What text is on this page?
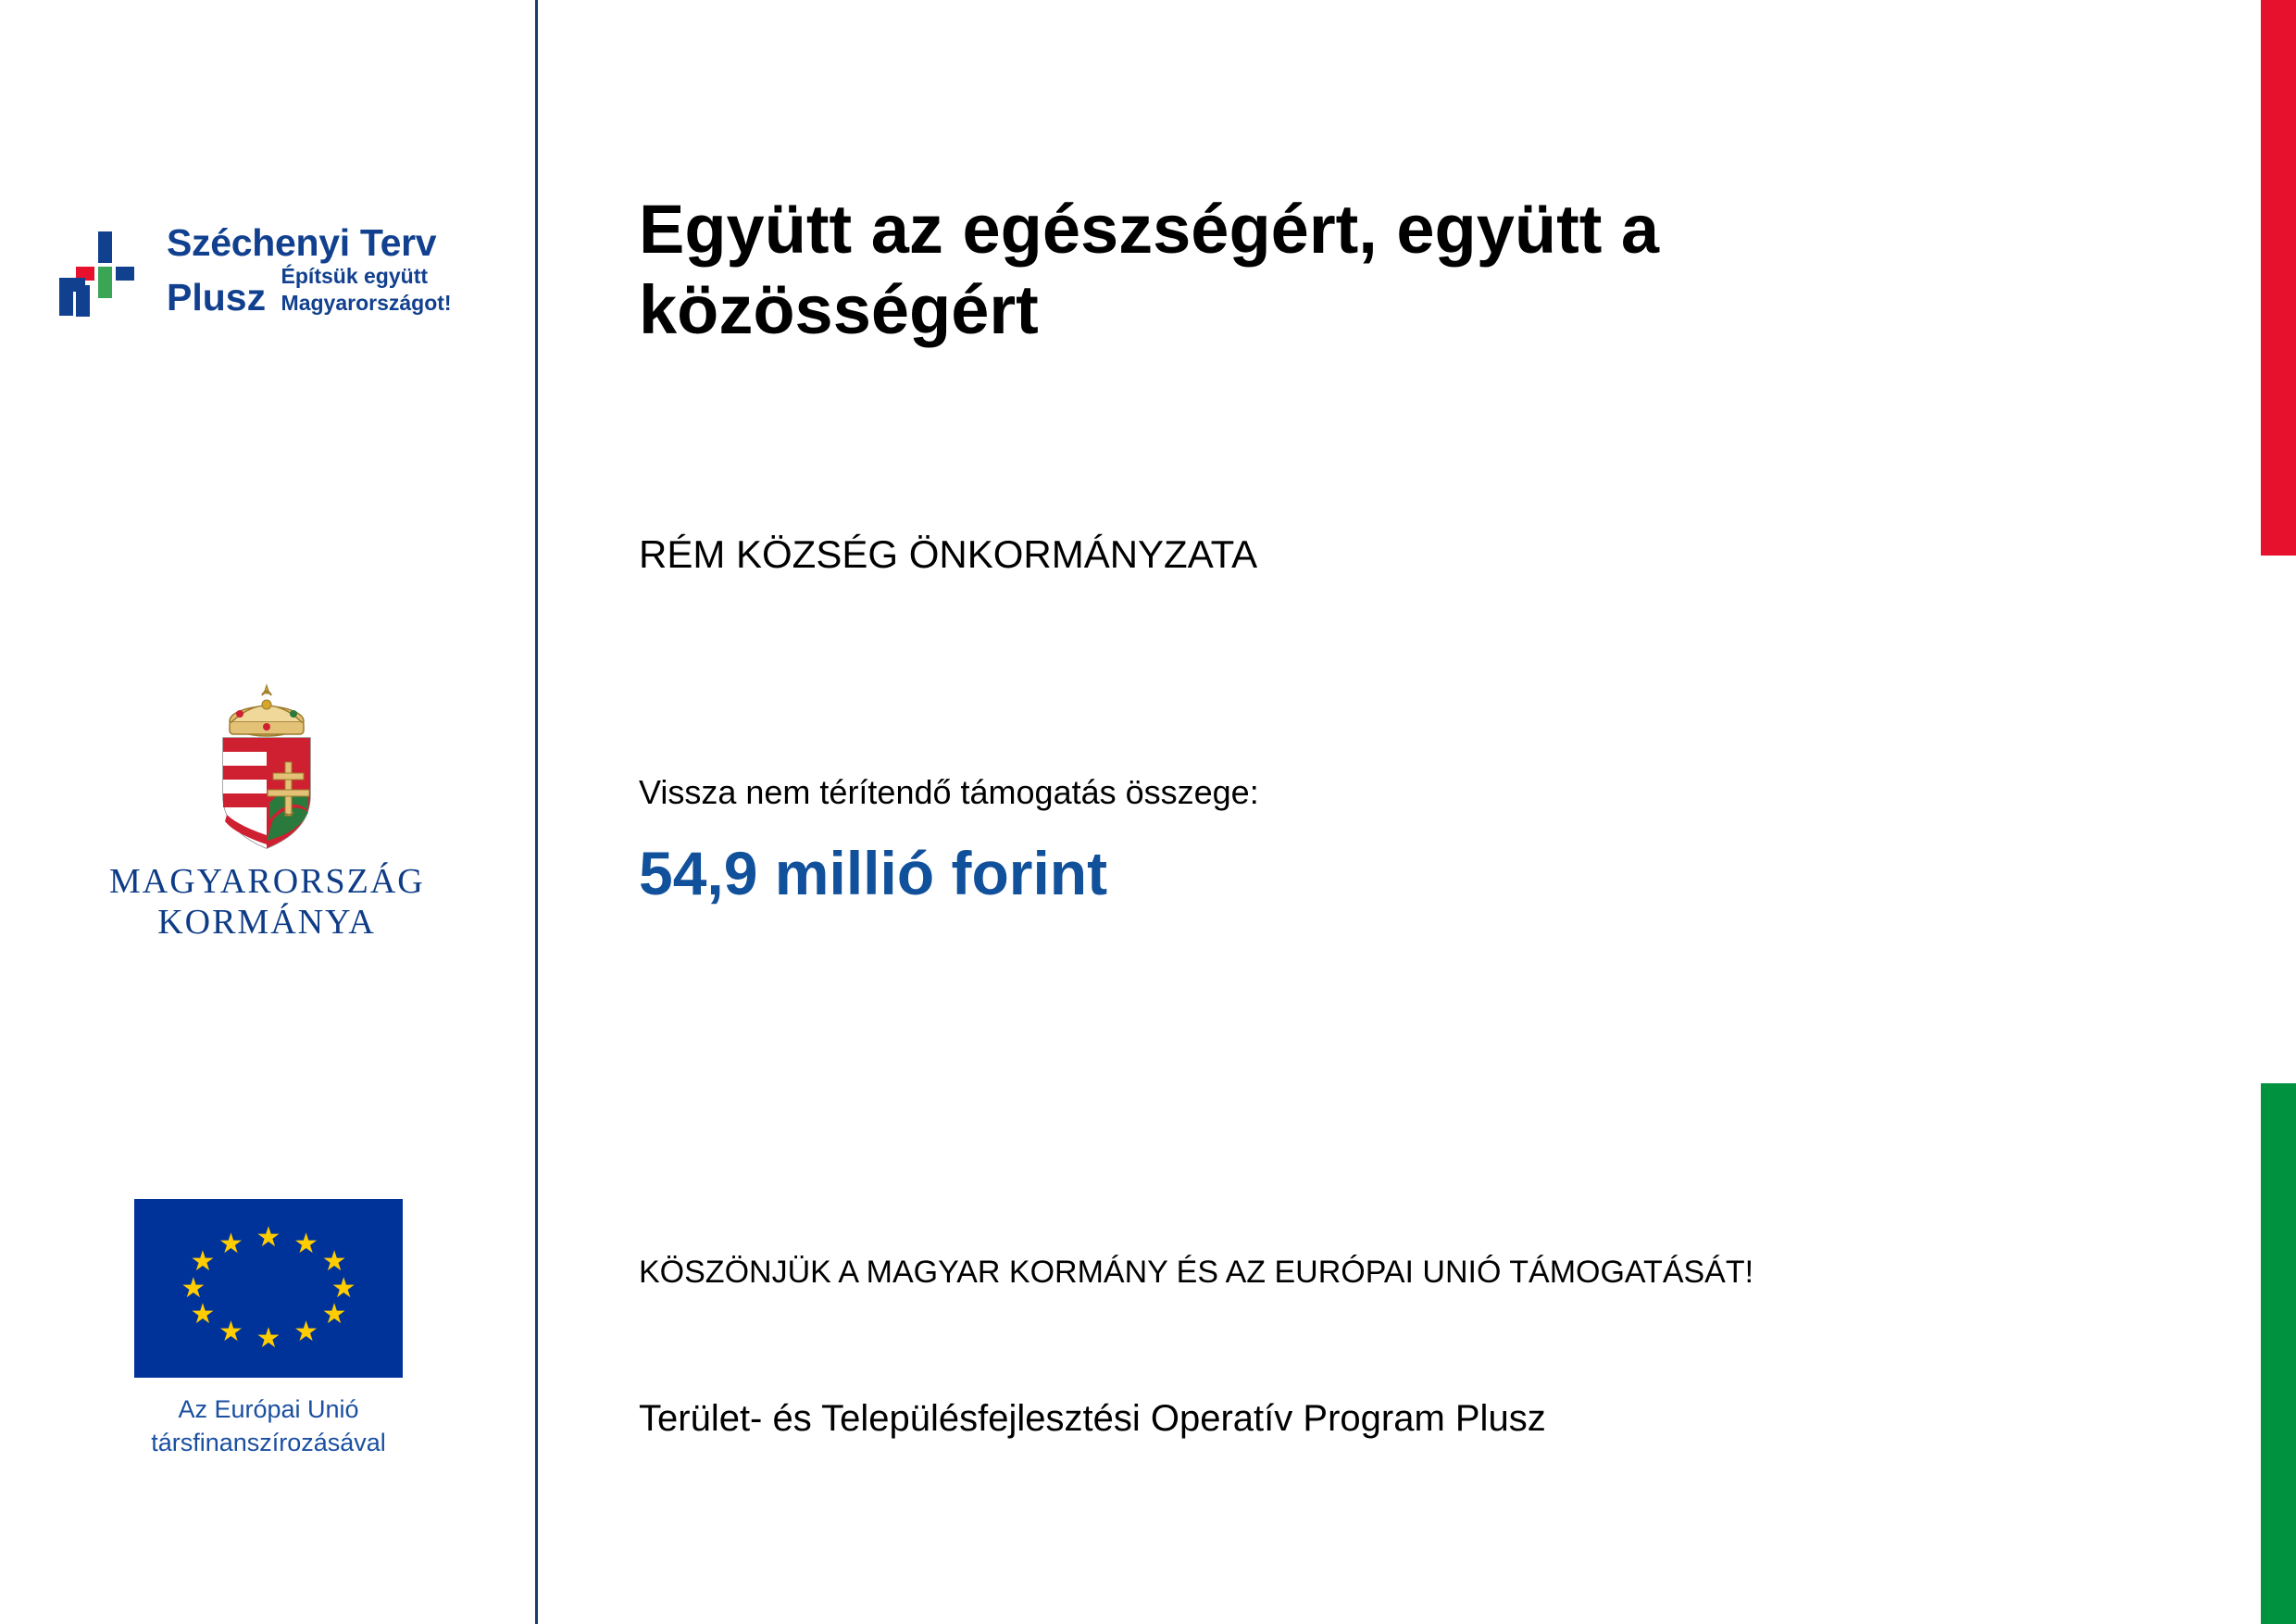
Széchenyi Terv
Plusz Építsük együtt
Magyarországot!
MAGYARORSZÁG
KORMÁNYA
★ ★
★
★
★
★
★
★
★
★
★
★
Az Európai Unió
társfinanszírozásával
Együtt az egészségért, együtt a közösségért
RÉM KÖZSÉG ÖNKORMÁNYZATA
Vissza nem térítendő támogatás összege:
54,9 millió forint
KÖSZÖNJÜK A MAGYAR KORMÁNY ÉS AZ EURÓPAI UNIÓ TÁMOGATÁSÁT!
Terület- és Településfejlesztési Operatív Program Plusz
